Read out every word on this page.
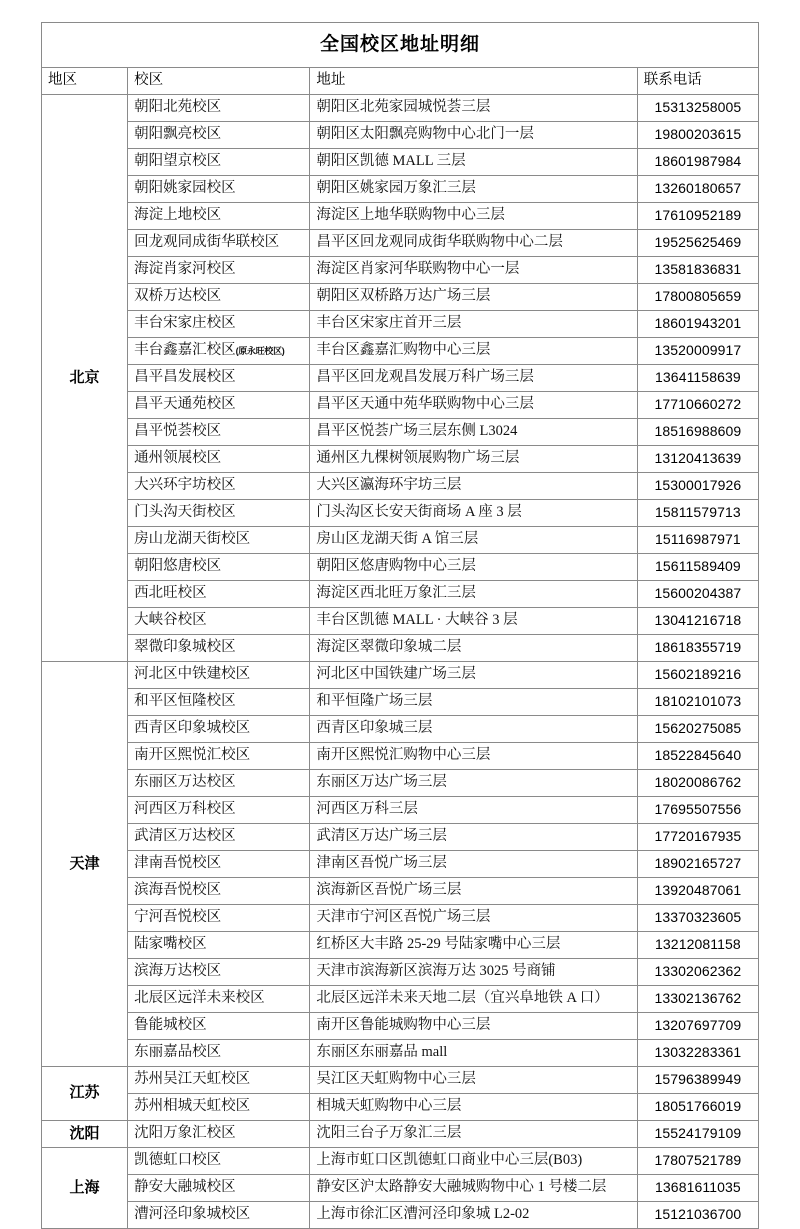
全国校区地址明细			
地区	校区	地址	联系电话
北京	朝阳北苑校区	朝阳区北苑家园城悦荟三层	15313258005
	朝阳飘亮校区	朝阳区太阳飘亮购物中心北门一层	19800203615
	朝阳望京校区	朝阳区凯德 MALL 三层	18601987984
	朝阳姚家园校区	朝阳区姚家园万象汇三层	13260180657
	海淀上地校区	海淀区上地华联购物中心三层	17610952189
	回龙观同成街华联校区	昌平区回龙观同成街华联购物中心二层	19525625469
	海淀肖家河校区	海淀区肖家河华联购物中心一层	13581836831
	双桥万达校区	朝阳区双桥路万达广场三层	17800805659
	丰台宋家庄校区	丰台区宋家庄首开三层	18601943201
	丰台鑫嘉汇校区(原永旺校区)	丰台区鑫嘉汇购物中心三层	13520009917
	昌平昌发展校区	昌平区回龙观昌发展万科广场三层	13641158639
	昌平天通苑校区	昌平区天通中苑华联购物中心三层	17710660272
	昌平悦荟校区	昌平区悦荟广场三层东侧 L3024	18516988609
	通州领展校区	通州区九棵树领展购物广场三层	13120413639
	大兴环宇坊校区	大兴区瀛海环宇坊三层	15300017926
	门头沟天街校区	门头沟区长安天街商场 A 座 3 层	15811579713
	房山龙湖天街校区	房山区龙湖天街 A 馆三层	15116987971
	朝阳悠唐校区	朝阳区悠唐购物中心三层	15611589409
	西北旺校区	海淀区西北旺万象汇三层	15600204387
	大峡谷校区	丰台区凯德 MALL · 大峡谷 3 层	13041216718
	翠微印象城校区	海淀区翠微印象城二层	18618355719
天津	河北区中铁建校区	河北区中国铁建广场三层	15602189216
	和平区恒隆校区	和平恒隆广场三层	18102101073
	西青区印象城校区	西青区印象城三层	15620275085
	南开区熙悦汇校区	南开区熙悦汇购物中心三层	18522845640
	东丽区万达校区	东丽区万达广场三层	18020086762
	河西区万科校区	河西区万科三层	17695507556
	武清区万达校区	武清区万达广场三层	17720167935
	津南吾悦校区	津南区吾悦广场三层	18902165727
	滨海吾悦校区	滨海新区吾悦广场三层	13920487061
	宁河吾悦校区	天津市宁河区吾悦广场三层	13370323605
	陆家嘴校区	红桥区大丰路 25-29 号陆家嘴中心三层	13212081158
	滨海万达校区	天津市滨海新区滨海万达 3025 号商铺	13302062362
	北辰区远洋未来校区	北辰区远洋未来天地二层（宜兴阜地铁 A 口）	13302136762
	鲁能城校区	南开区鲁能城购物中心三层	13207697709
	东丽嘉品校区	东丽区东丽嘉品 mall	13032283361
江苏	苏州吴江天虹校区	吴江区天虹购物中心三层	15796389949
	苏州相城天虹校区	相城天虹购物中心三层	18051766019
沈阳	沈阳万象汇校区	沈阳三台子万象汇三层	15524179109
上海	凯德虹口校区	上海市虹口区凯德虹口商业中心三层(B03)	17807521789
	静安大融城校区	静安区沪太路静安大融城购物中心 1 号楼二层	13681611035
	漕河泾印象城校区	上海市徐汇区漕河泾印象城 L2-02	15121036700
